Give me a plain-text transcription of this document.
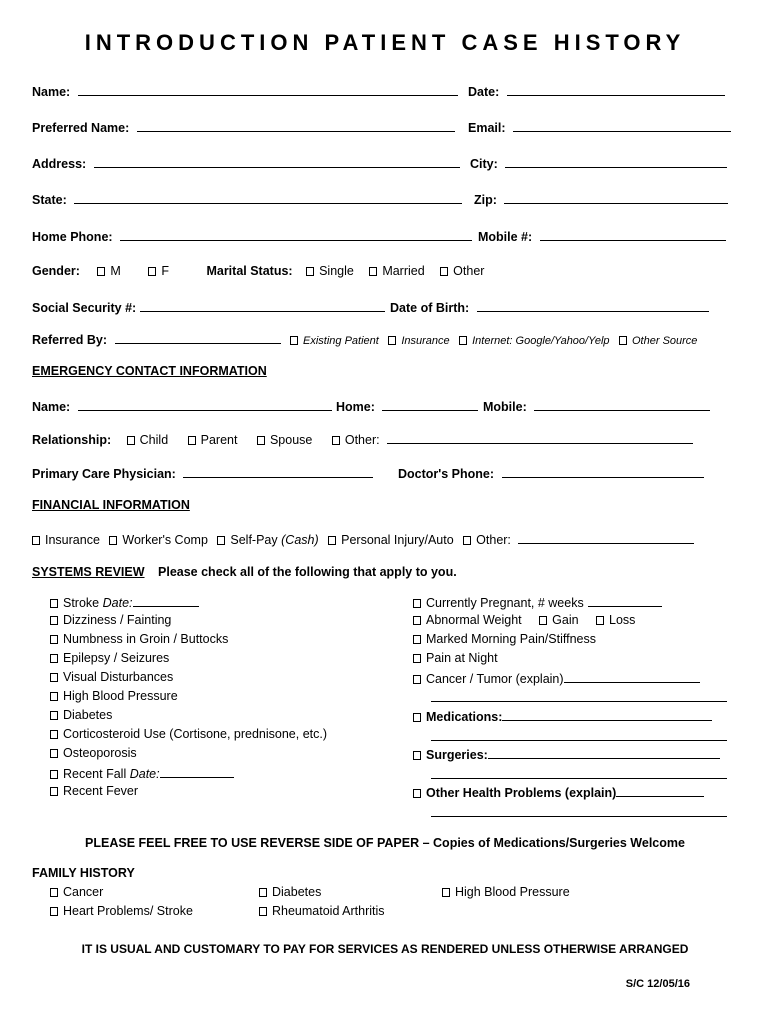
INTRODUCTION PATIENT CASE HISTORY
Name:	Date:
Preferred Name:	Email:
Address:	City:
State:	Zip:
Home Phone:	Mobile #:
Gender: M	F	Marital Status: Single Married Other
Social Security #:	Date of Birth:
Referred By:	Existing Patient Insurance Internet: Google/Yahoo/Yelp Other Source
EMERGENCY CONTACT INFORMATION
Name:	Home:	Mobile:
Relationship: Child	Parent	Spouse	Other:
Primary Care Physician:	Doctor's Phone:
FINANCIAL INFORMATION
Insurance Worker's Comp Self-Pay (Cash) Personal Injury/Auto Other:
SYSTEMS REVIEW Please check all of the following that apply to you.
Stroke Date:
Dizziness / Fainting
Numbness in Groin / Buttocks
Epilepsy / Seizures
Visual Disturbances
High Blood Pressure
Diabetes
Corticosteroid Use (Cortisone, prednisone, etc.)
Osteoporosis
Recent Fall Date:
Recent Fever
Currently Pregnant, # weeks
Abnormal Weight Gain Loss
Marked Morning Pain/Stiffness
Pain at Night
Cancer / Tumor (explain)
Medications:
Surgeries:
Other Health Problems (explain)
PLEASE FEEL FREE TO USE REVERSE SIDE OF PAPER – Copies of Medications/Surgeries Welcome
FAMILY HISTORY
Cancer	Diabetes	High Blood Pressure
Heart Problems/ Stroke	Rheumatoid Arthritis
IT IS USUAL AND CUSTOMARY TO PAY FOR SERVICES AS RENDERED UNLESS OTHERWISE ARRANGED
S/C 12/05/16
